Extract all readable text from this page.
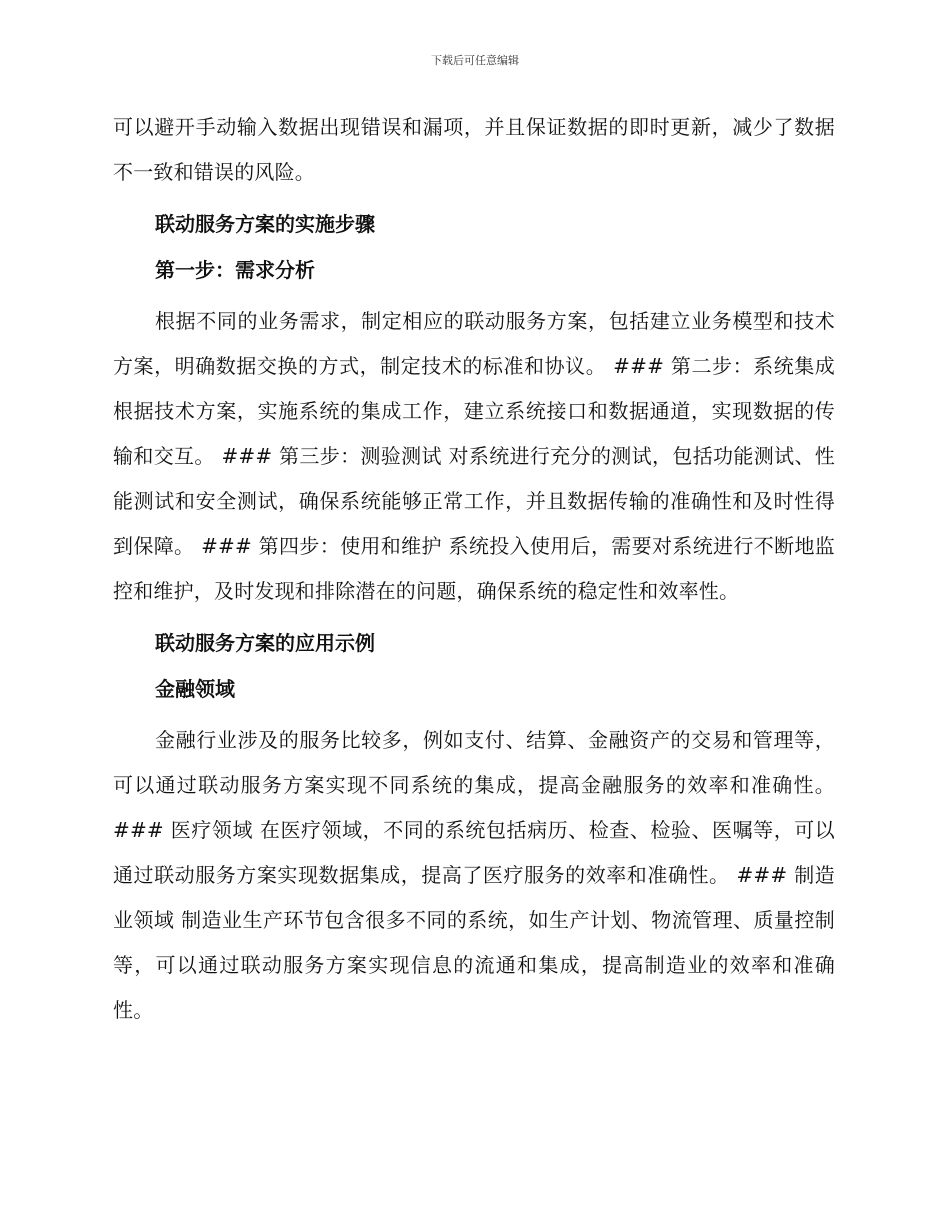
下载后可任意编辑

可以避开手动输入数据出现错误和漏项，并且保证数据的即时更新，减少了数据不一致和错误的风险。

联动服务方案的实施步骤
第一步：需求分析

根据不同的业务需求，制定相应的联动服务方案，包括建立业务模型和技术方案，明确数据交换的方式，制定技术的标准和协议。 ### 第二步：系统集成 根据技术方案，实施系统的集成工作，建立系统接口和数据通道，实现数据的传输和交互。 ### 第三步：测验测试 对系统进行充分的测试，包括功能测试、性能测试和安全测试，确保系统能够正常工作，并且数据传输的准确性和及时性得到保障。 ### 第四步：使用和维护 系统投入使用后，需要对系统进行不断地监控和维护，及时发现和排除潜在的问题，确保系统的稳定性和效率性。

联动服务方案的应用示例
金融领域

金融行业涉及的服务比较多，例如支付、结算、金融资产的交易和管理等，可以通过联动服务方案实现不同系统的集成，提高金融服务的效率和准确性。 ### 医疗领域 在医疗领域，不同的系统包括病历、检查、检验、医嘱等，可以通过联动服务方案实现数据集成，提高了医疗服务的效率和准确性。 ### 制造业领域 制造业生产环节包含很多不同的系统，如生产计划、物流管理、质量控制等，可以通过联动服务方案实现信息的流通和集成，提高制造业的效率和准确性。
